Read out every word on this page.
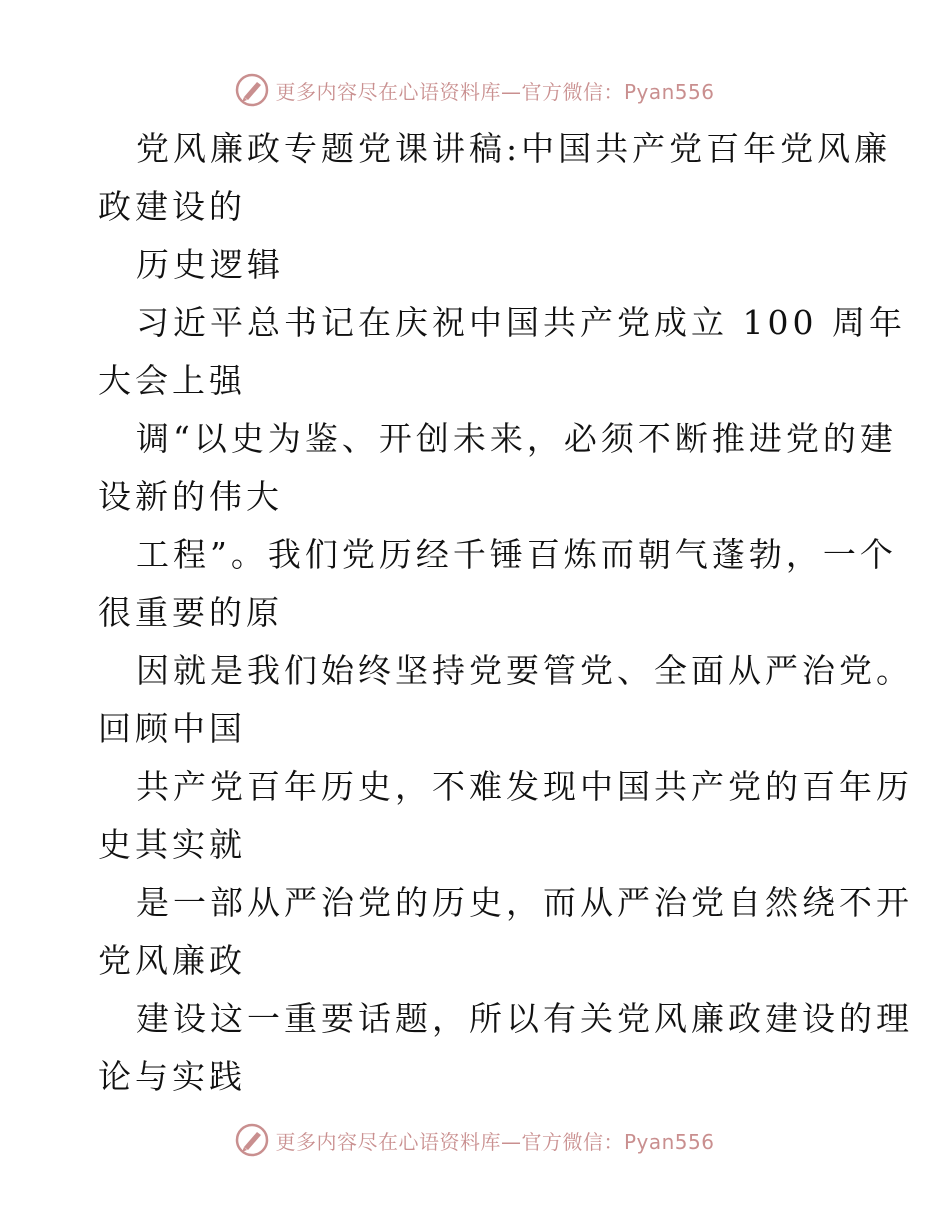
更多内容尽在心语资料库—官方微信：Pyan556
党风廉政专题党课讲稿:中国共产党百年党风廉
政建设的
历史逻辑
习近平总书记在庆祝中国共产党成立 100 周年
大会上强
调“以史为鉴、开创未来，必须不断推进党的建
设新的伟大
工程”。我们党历经千锤百炼而朝气蓬勃，一个
很重要的原
因就是我们始终坚持党要管党、全面从严治党。
回顾中国
共产党百年历史，不难发现中国共产党的百年历
史其实就
是一部从严治党的历史，而从严治党自然绕不开
党风廉政
建设这一重要话题，所以有关党风廉政建设的理
论与实践
更多内容尽在心语资料库—官方微信：Pyan556
